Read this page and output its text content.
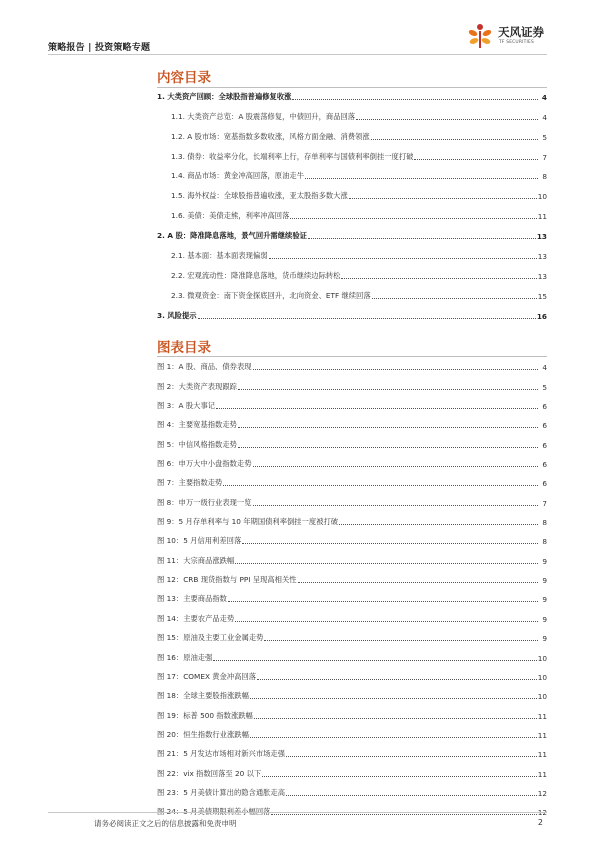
策略报告 | 投资策略专题
天风证券
TF SECURITIES
内容目录
1. 大类资产回顾：全球股指普遍修复收涨	4
1.1. 大类资产总览：A 股震荡修复，中债回升，商品回落	4
1.2. A 股市场：宽基指数多数收涨，风格方面金融、消费领涨	5
1.3. 债券：收益率分化，长端利率上行，存单利率与国债利率倒挂一度打破	7
1.4. 商品市场：黄金冲高回落，原油走牛	8
1.5. 海外权益：全球股指普遍收涨，亚太股指多数大涨	10
1.6. 美债：美债走熊，利率冲高回落	11
2. A 股：降准降息落地，景气回升需继续验证	13
2.1. 基本面：基本面表现偏弱	13
2.2. 宏观流动性：降准降息落地，货币继续边际转松	13
2.3. 微观资金：南下资金探底回升，北向资金、ETF 继续回落	15
3. 风险提示	16
图表目录
图 1：A 股、商品、债券表现	4
图 2：大类资产表现跟踪	5
图 3：A 股大事记	6
图 4：主要宽基指数走势	6
图 5：中信风格指数走势	6
图 6：申万大中小盘指数走势	6
图 7：主要指数走势	6
图 8：申万一级行业表现一览	7
图 9：5 月存单利率与 10 年期国债利率倒挂一度被打破	8
图 10：5 月信用利差回落	8
图 11：大宗商品涨跌幅	9
图 12：CRB 现货指数与 PPI 呈现高相关性	9
图 13：主要商品指数	9
图 14：主要农产品走势	9
图 15：原油及主要工业金属走势	9
图 16：原油走强	10
图 17：COMEX 黄金冲高回落	10
图 18：全球主要股指涨跌幅	10
图 19：标普 500 指数涨跌幅	11
图 20：恒生指数行业涨跌幅	11
图 21：5 月发达市场相对新兴市场走强	11
图 22：vix 指数回落至 20 以下	11
图 23：5 月美债计算出的隐含通胀走高	12
请务必阅读正文之后的信息披露和免责申明	2
